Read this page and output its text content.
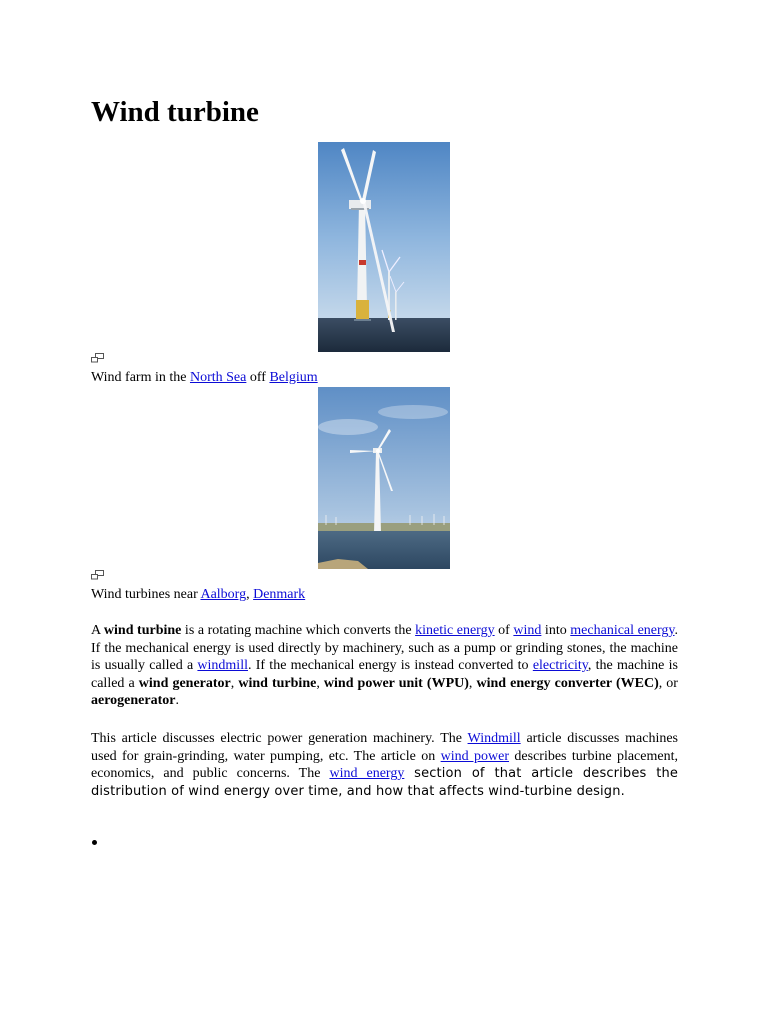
Wind turbine

Wind farm in the North Sea off Belgium

Wind turbines near Aalborg, Denmark

A wind turbine is a rotating machine which converts the kinetic energy of wind into mechanical energy. If the mechanical energy is used directly by machinery, such as a pump or grinding stones, the machine is usually called a windmill. If the mechanical energy is instead converted to electricity, the machine is called a wind generator, wind turbine, wind power unit (WPU), wind energy converter (WEC), or aerogenerator.

This article discusses electric power generation machinery. The Windmill article discusses machines used for grain-grinding, water pumping, etc. The article on wind power describes turbine placement, economics, and public concerns. The wind energy section of that article describes the distribution of wind energy over time, and how that affects wind-turbine design.
